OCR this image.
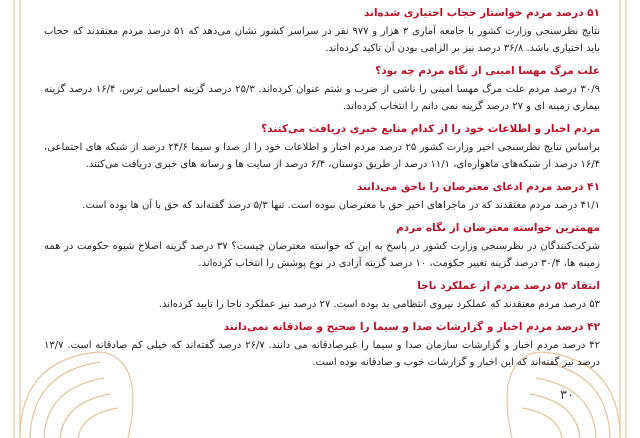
۵۱ درصد مردم خواستار حجاب اختیاری شده‌اند

نتایج نظرسنجی وزارت کشور با جامعه آماری ۳ هزار و ۹۷۷ نفر در سراسر کشور نشان می‌دهد که ۵۱ درصد مردم معتقدند که حجاب باید اختیاری باشد. ۳۶/۸ درصد نیز بر الزامی بودن آن تاکید کرده‌اند.

علت مرگ مهسا امینی از نگاه مردم چه بود؟

۳۰/۹ درصد مردم علت مرگ مهسا امینی را ناشی از ضرب و شتم عنوان کرده‌اند. ۲۵/۳ درصد گزینه احساس ترس، ۱۶/۴ درصد گزینه بیماری زمینه ای و ۲۷ درصد گزینه نمی دانم را انتخاب کرده‌اند.

مردم اخبار و اطلاعات خود را از کدام منابع خبری دریافت می‌کنند؟

براساس نتایج نظرسنجی اخیر وزارت کشور ۲۵ درصد مردم اخبار و اطلاعات خود را از صدا و سیما ۲۴/۶ درصد از شبکه های اجتماعی، ۱۶/۴ درصد از شبکه‌های ماهواره‌ای، ۱۱/۱ درصد از طریق دوستان، ۶/۴ درصد از سایت ها و رسانه های خبری دریافت می‌کنند.

۴۱ درصد مردم ادعای معترضان را ناحق می‌دانند

۴۱/۱ درصد مردم معتقدند که در ماجراهای اخیر حق با معترضان نبوده است. تنها ۵/۳ درصد گفته‌اند که حق با آن ها بوده است.

مهمترین خواسته معترضان از نگاه مردم

شرکت‌کنندگان در نظرسنجی وزارت کشور در پاسخ به این که خواسته معترضان چیست؟ ۳۷ درصد گزینه اصلاح شیوه حکومت در همه زمینه ها، ۳۰/۴ درصد گزینه تغییر حکومت، ۱۰ درصد گزینه آزادی در نوع پوشش را انتخاب کرده‌اند.

انتقاد ۵۳ درصد مردم از عملکرد ناجا

۵۳ درصد مردم معتقدند که عملکرد نیروی انتظامی بد بوده است. ۲۷ درصد نیز عملکرد ناجا را تایید کرده‌اند.

۴۲ درصد مردم اخبار و گزارشات صدا و سیما را صحیح و صادقانه نمی‌دانند

۴۲ درصد مردم اخبار و گزارشات سازمان صدا و سیما را غیرصادقانه می دانند. ۲۶/۷ درصد گفته‌اند که خیلی کم صادقانه است. ۱۳/۷ درصد نیز گفته‌اند که این اخبار و گزارشات خوب و صادقانه بوده است.

۳۰
